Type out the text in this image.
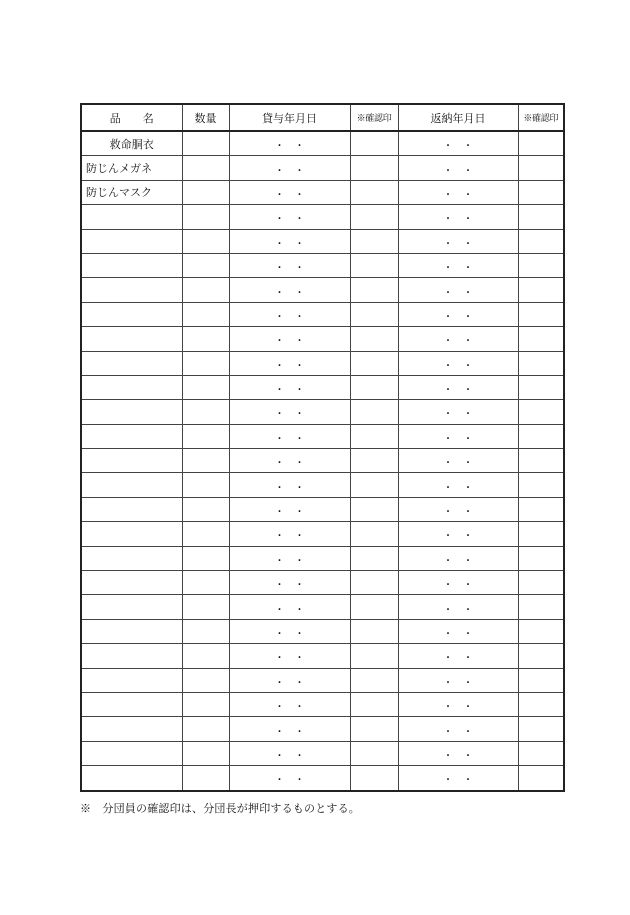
品　　名	数量	貸与年月日	※確認印	返納年月日	※確認印
救命胴衣		・ ・		・ ・	
防じんメガネ		・ ・		・ ・	
防じんマスク		・ ・		・ ・	
		・ ・		・ ・	
		・ ・		・ ・	
		・ ・		・ ・	
		・ ・		・ ・	
		・ ・		・ ・	
		・ ・		・ ・	
		・ ・		・ ・	
		・ ・		・ ・	
		・ ・		・ ・	
		・ ・		・ ・	
		・ ・		・ ・	
		・ ・		・ ・	
		・ ・		・ ・	
		・ ・		・ ・	
		・ ・		・ ・	
		・ ・		・ ・	
		・ ・		・ ・	
		・ ・		・ ・	
		・ ・		・ ・	
		・ ・		・ ・	
		・ ・		・ ・	
		・ ・		・ ・	
		・ ・		・ ・	
		・ ・		・ ・	
※　分団員の確認印は、分団長が押印するものとする。
